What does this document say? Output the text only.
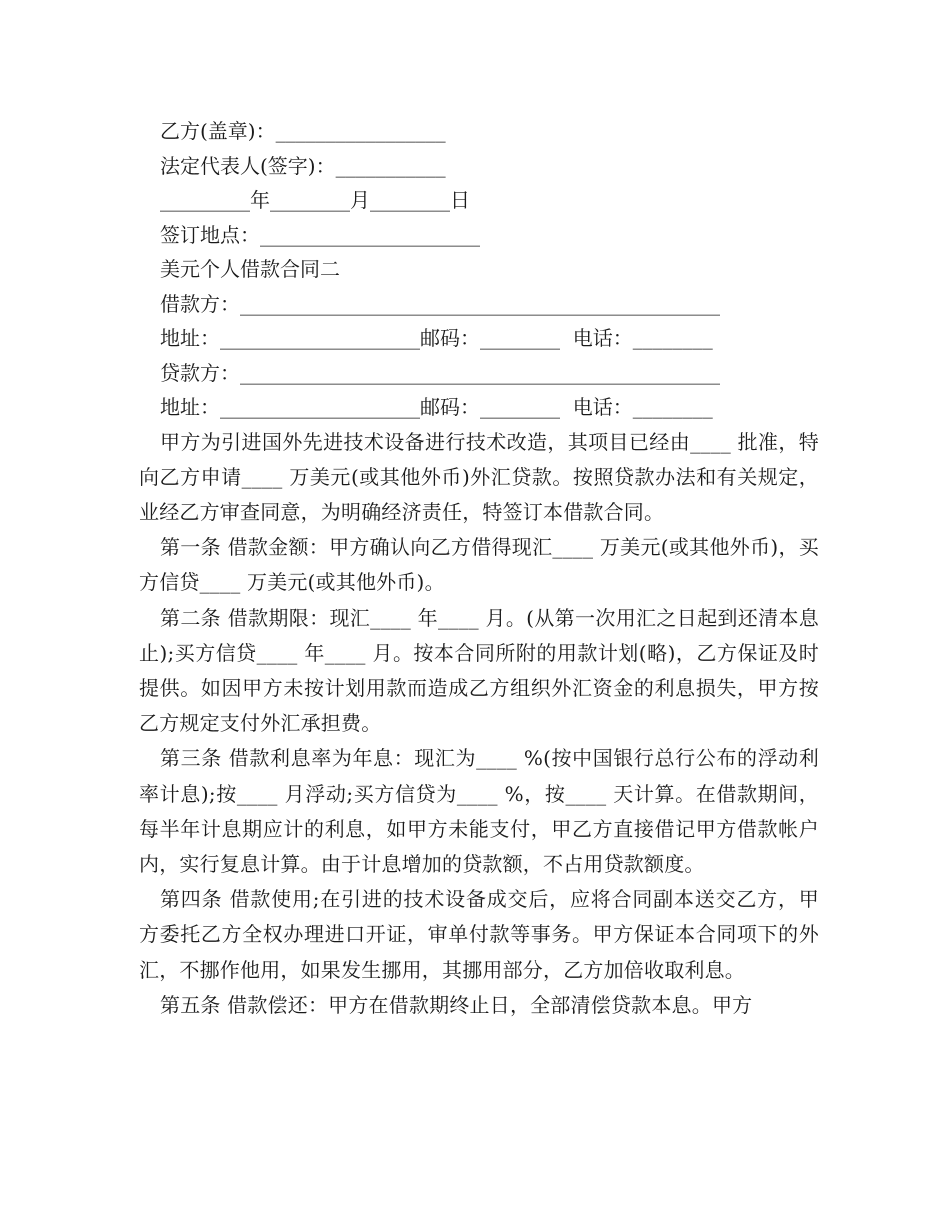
乙方(盖章)：_________________

法定代表人(签字)：___________

_________年________月________日

签订地点：______________________

美元个人借款合同二

借款方：________________________________________________

地址：____________________邮码：________  电话：________

贷款方：________________________________________________

地址：____________________邮码：________  电话：________

甲方为引进国外先进技术设备进行技术改造，其项目已经由____ 批准，特向乙方申请____ 万美元(或其他外币)外汇贷款。按照贷款办法和有关规定，业经乙方审查同意，为明确经济责任，特签订本借款合同。

第一条 借款金额：甲方确认向乙方借得现汇____ 万美元(或其他外币)，买方信贷____ 万美元(或其他外币)。

第二条 借款期限：现汇____ 年____ 月。(从第一次用汇之日起到还清本息止);买方信贷____ 年____ 月。按本合同所附的用款计划(略)，乙方保证及时提供。如因甲方未按计划用款而造成乙方组织外汇资金的利息损失，甲方按乙方规定支付外汇承担费。

第三条 借款利息率为年息：现汇为____ %(按中国银行总行公布的浮动利率计息);按____ 月浮动;买方信贷为____ %，按____ 天计算。在借款期间，每半年计息期应计的利息，如甲方未能支付，甲乙方直接借记甲方借款帐户内，实行复息计算。由于计息增加的贷款额，不占用贷款额度。

第四条 借款使用;在引进的技术设备成交后，应将合同副本送交乙方，甲方委托乙方全权办理进口开证，审单付款等事务。甲方保证本合同项下的外汇，不挪作他用，如果发生挪用，其挪用部分，乙方加倍收取利息。

第五条 借款偿还：甲方在借款期终止日，全部清偿贷款本息。甲方
